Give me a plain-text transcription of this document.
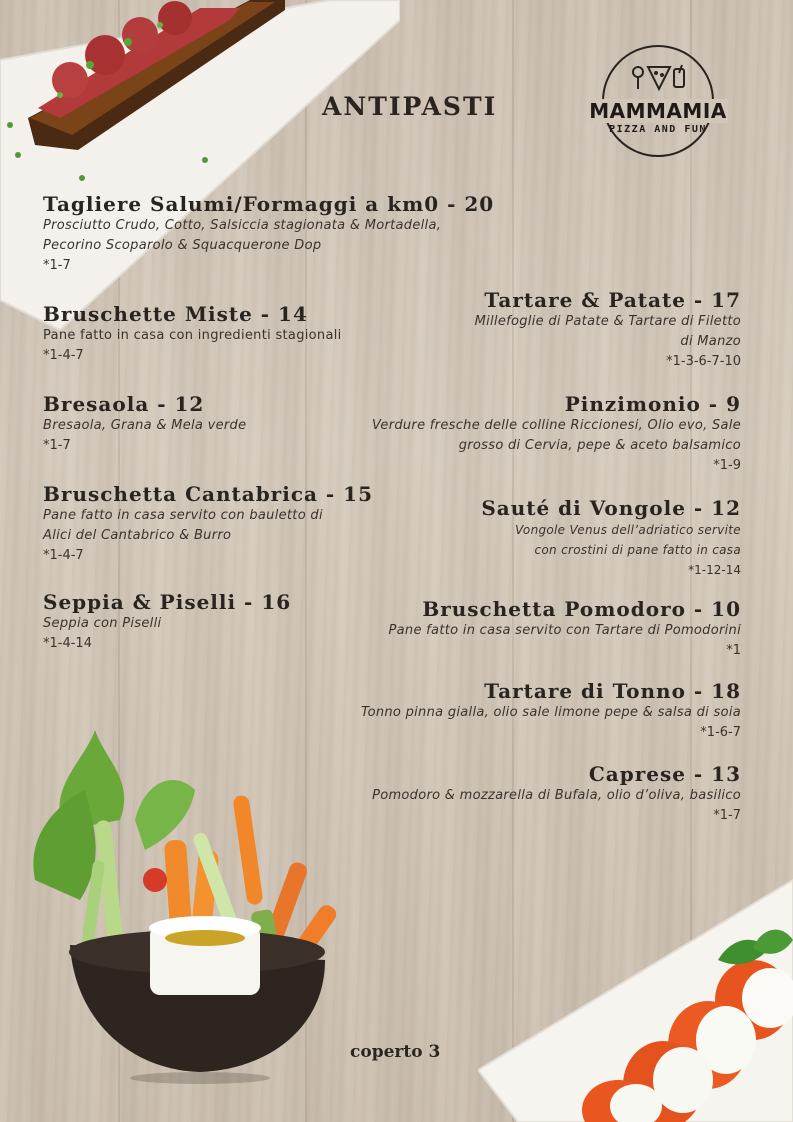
MAMMAMIA
PIZZA AND FUN
ANTIPASTI
Tagliere Salumi/Formaggi a km0 - 20
Prosciutto Crudo, Cotto, Salsiccia stagionata & Mortadella,
Pecorino Scoparolo & Squacquerone Dop
*1-7
Bruschette Miste - 14
Pane fatto in casa con ingredienti stagionali
*1-4-7
Bresaola - 12
Bresaola, Grana & Mela verde
*1-7
Bruschetta Cantabrica - 15
Pane fatto in casa servito con bauletto di
Alici del Cantabrico & Burro
*1-4-7
Seppia & Piselli - 16
Seppia con Piselli
*1-4-14
Tartare & Patate - 17
Millefoglie di Patate & Tartare di Filetto
di Manzo
*1-3-6-7-10
Pinzimonio - 9
Verdure fresche delle colline Riccionesi, Olio evo, Sale
grosso di Cervia, pepe & aceto balsamico
*1-9
Sauté di Vongole - 12
Vongole Venus dell’adriatico servite
con crostini di pane fatto in casa
*1-12-14
Bruschetta Pomodoro - 10
Pane fatto in casa servito con Tartare di Pomodorini
*1
Tartare di Tonno - 18
Tonno pinna gialla, olio sale limone pepe & salsa di soia
*1-6-7
Caprese - 13
Pomodoro & mozzarella di Bufala, olio d’oliva, basilico
*1-7
coperto 3
